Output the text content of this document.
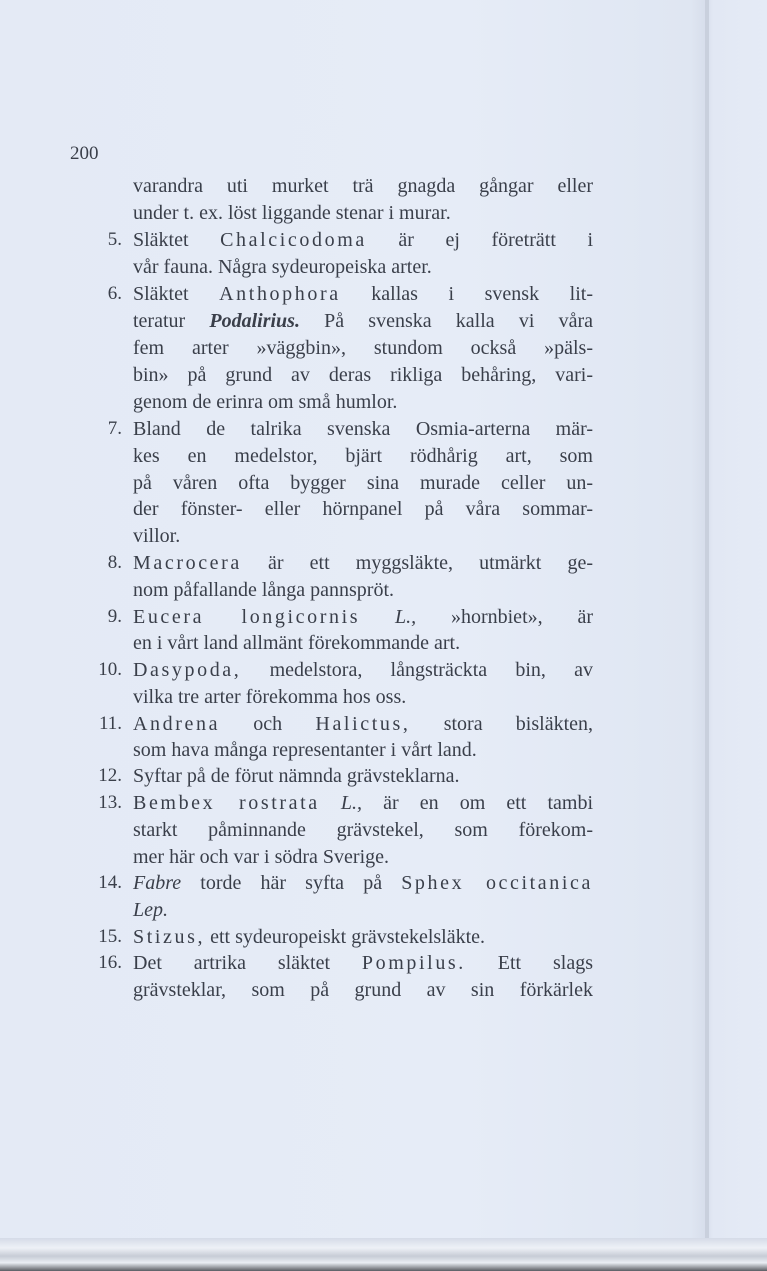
200
varandra uti murket trä gnagda gångar eller
under t. ex. löst liggande stenar i murar.
5. Släktet Chalcicodoma är ej företrätt i
vår fauna. Några sydeuropeiska arter.
6. Släktet Anthophora kallas i svensk lit-
teratur Podalirius. På svenska kalla vi våra
fem arter »väggbin», stundom också »päls-
bin» på grund av deras rikliga behåring, vari-
genom de erinra om små humlor.
7. Bland de talrika svenska Osmia-arterna mär-
kes en medelstor, bjärt rödhårig art, som
på våren ofta bygger sina murade celler un-
der fönster- eller hörnpanel på våra sommar-
villor.
8. Macrocera är ett myggsläkte, utmärkt ge-
nom påfallande långa pannspröt.
9. Eucera longicornis L., »hornbiet», är
en i vårt land allmänt förekommande art.
10. Dasypoda, medelstora, långsträckta bin, av
vilka tre arter förekomma hos oss.
11. Andrena och Halictus, stora bisläkten,
som hava många representanter i vårt land.
12. Syftar på de förut nämnda grävsteklarna.
13. Bembex rostrata L., är en om ett tambi
starkt påminnande grävstekel, som förekom-
mer här och var i södra Sverige.
14. Fabre torde här syfta på Sphex occitanica
Lep.
15. Stizus, ett sydeuropeiskt grävstekelsläkte.
16. Det artrika släktet Pompilus. Ett slags
grävsteklar, som på grund av sin förkärlek
